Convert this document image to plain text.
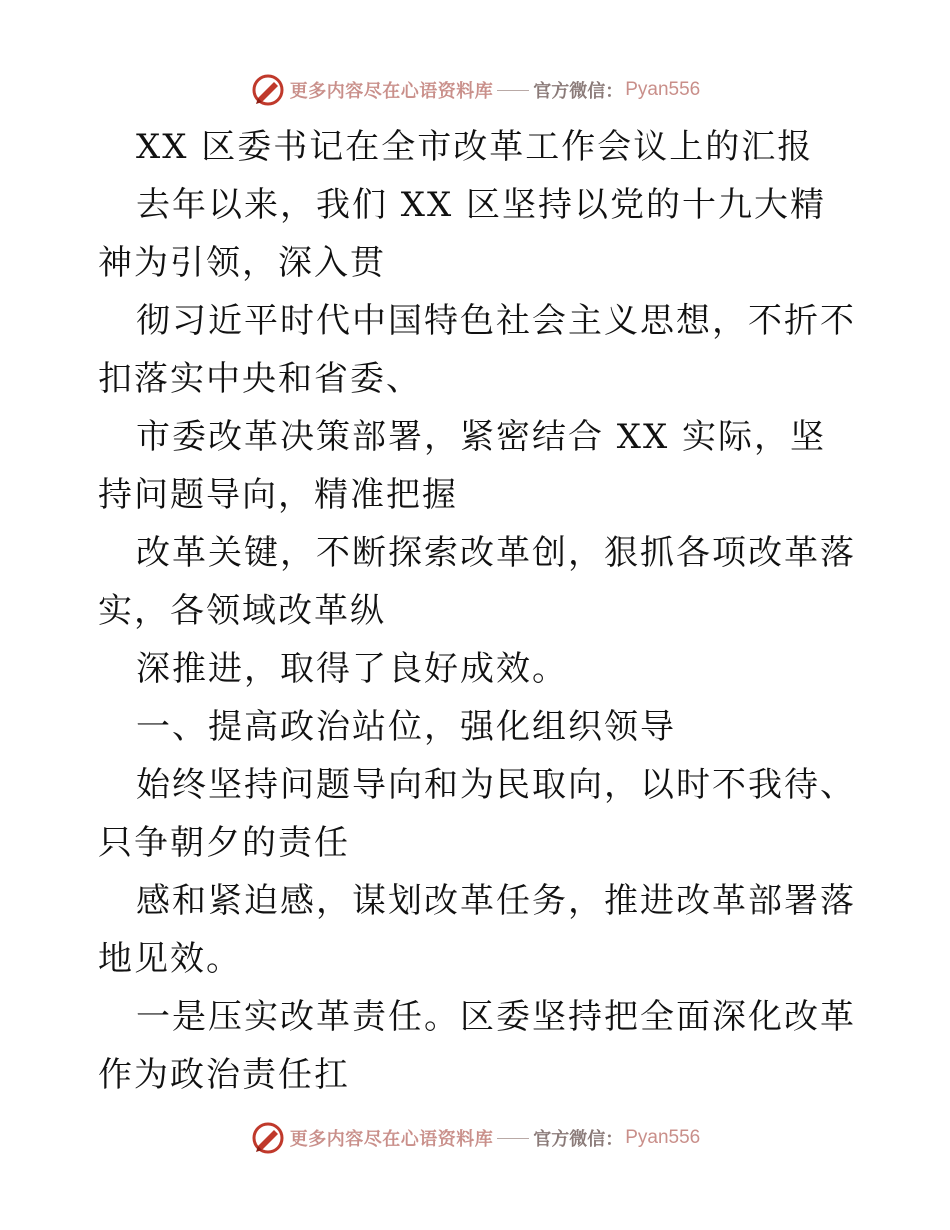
更多内容尽在心语资料库 官方微信： Pyan556

XX 区委书记在全市改革工作会议上的汇报

去年以来，我们 XX 区坚持以党的十九大精神为引领，深入贯

彻习近平时代中国特色社会主义思想，不折不扣落实中央和省委、

市委改革决策部署，紧密结合 XX 实际，坚持问题导向，精准把握

改革关键，不断探索改革创，狠抓各项改革落实，各领域改革纵

深推进，取得了良好成效。

一、提高政治站位，强化组织领导

始终坚持问题导向和为民取向，以时不我待、只争朝夕的责任

感和紧迫感，谋划改革任务，推进改革部署落地见效。

一是压实改革责任。区委坚持把全面深化改革作为政治责任扛

更多内容尽在心语资料库 官方微信： Pyan556
